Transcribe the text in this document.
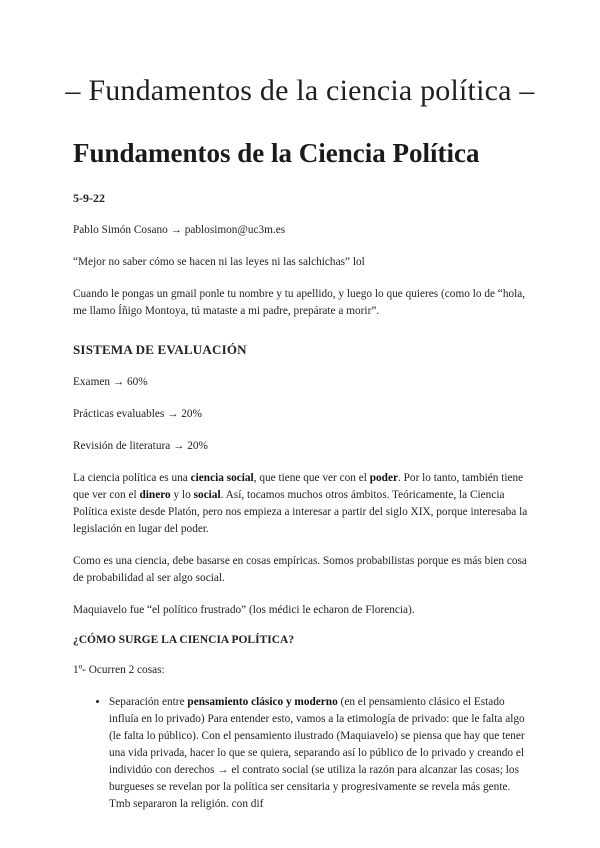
– Fundamentos de la ciencia política –
Fundamentos de la Ciencia Política
5-9-22

Pablo Simón Cosano → pablosimon@uc3m.es

“Mejor no saber cómo se hacen ni las leyes ni las salchichas” lol

Cuando le pongas un gmail ponle tu nombre y tu apellido, y luego lo que quieres (como lo de “hola, me llamo Íñigo Montoya, tú mataste a mi padre, prepárate a morir”.

SISTEMA DE EVALUACIÓN

Examen → 60%

Prácticas evaluables → 20%

Revisión de literatura → 20%

La ciencia política es una ciencia social, que tiene que ver con el poder. Por lo tanto, también tiene que ver con el dinero y lo social. Así, tocamos muchos otros ámbitos. Teóricamente, la Ciencia Política existe desde Platón, pero nos empieza a interesar a partir del siglo XIX, porque interesaba la legislación en lugar del poder.

Como es una ciencia, debe basarse en cosas empíricas. Somos probabilistas porque es más bien cosa de probabilidad al ser algo social.

Maquiavelo fue “el político frustrado” (los médici le echaron de Florencia).

¿CÓMO SURGE LA CIENCIA POLÍTICA?

1º- Ocurren 2 cosas:

• Separación entre pensamiento clásico y moderno (en el pensamiento clásico el Estado influía en lo privado) Para entender esto, vamos a la etimología de privado: que le falta algo (le falta lo público). Con el pensamiento ilustrado (Maquiavelo) se piensa que hay que tener una vida privada, hacer lo que se quiera, separando así lo público de lo privado y creando el individúo con derechos → el contrato social (se utiliza la razón para alcanzar las cosas; los burgueses se revelan por la política ser censitaria y progresivamente se revela más gente. Tmb separaron la religión. con dif
